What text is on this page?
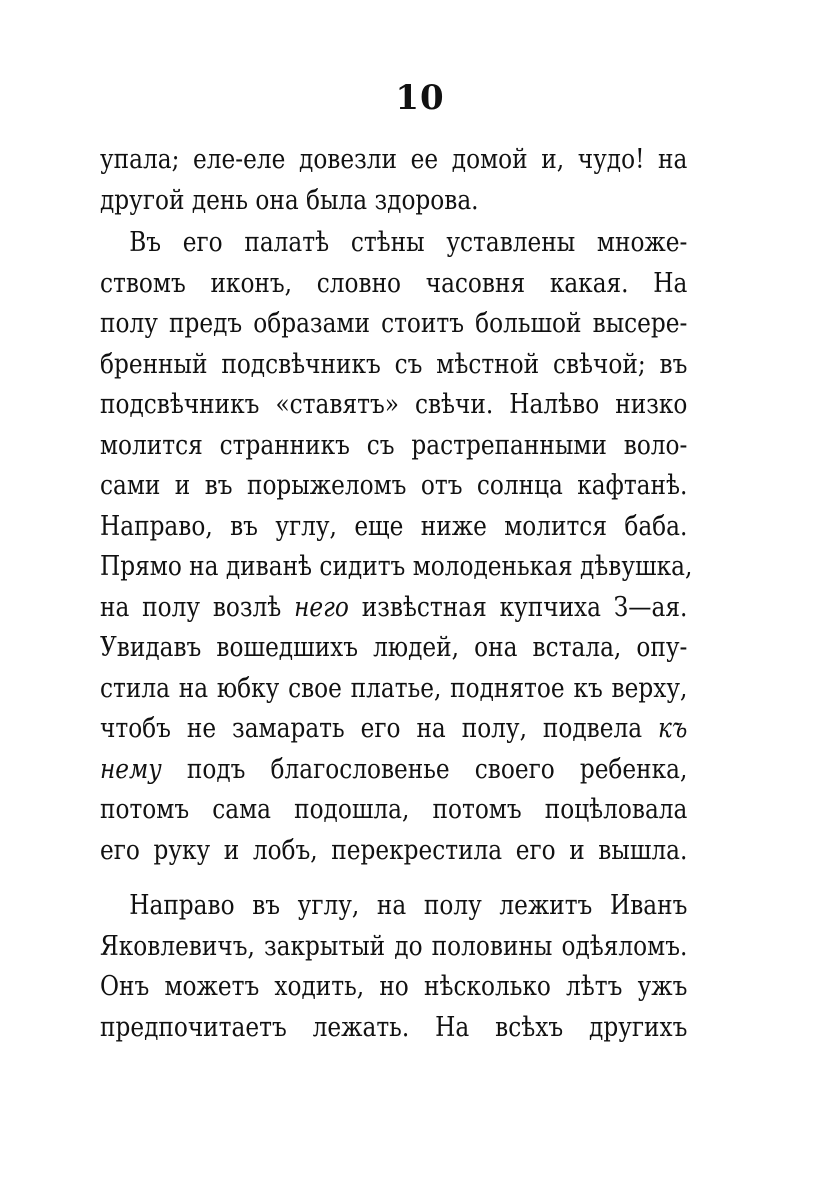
10
упала; еле-еле довезли ее домой и, чудо! на
другой день она была здорова.
Въ его палатѣ стѣны уставлены множе-
ствомъ иконъ, словно часовня какая. На
полу предъ образами стоитъ большой высере-
бренный подсвѣчникъ съ мѣстной свѣчой; въ
подсвѣчникъ «ставятъ» свѣчи. Налѣво низко
молится странникъ съ растрепанными воло-
сами и въ порыжеломъ отъ солнца кафтанѣ.
Направо, въ углу, еще ниже молится баба.
Прямо на диванѣ сидитъ молоденькая дѣвушка,
на полу возлѣ него извѣстная купчиха З—ая.
Увидавъ вошедшихъ людей, она встала, опу-
стила на юбку свое платье, поднятое къ верху,
чтобъ не замарать его на полу, подвела къ
нему подъ благословенье своего ребенка,
потомъ сама подошла, потомъ поцѣловала
его руку и лобъ, перекрестила его и вышла.
Направо въ углу, на полу лежитъ Иванъ
Яковлевичъ, закрытый до половины одѣяломъ.
Онъ можетъ ходить, но нѣсколько лѣтъ ужъ
предпочитаетъ лежать. На всѣхъ другихъ
